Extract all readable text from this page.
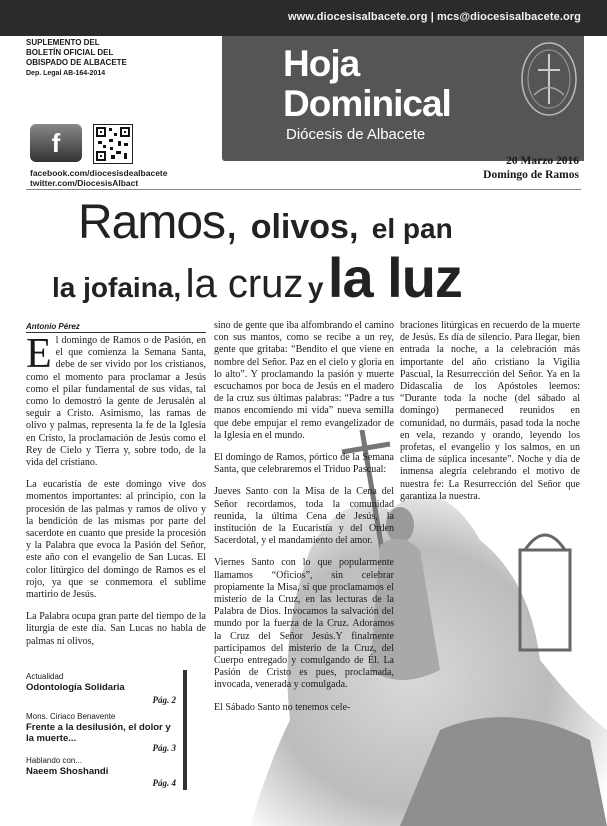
www.diocesisalbacete.org | mcs@diocesisalbacete.org
SUPLEMENTO DEL
BOLETÍN OFICIAL DEL
OBISPADO DE ALBACETE
Dep. Legal AB-164-2014	Hoja
Dominical
Diócesis de Albacete
f
facebook.com/diocesisdealbacete
twitter.com/DiocesisAlbact
20 Marzo 2016
Domingo de Ramos
Ramos, olivos, el pan
la jofaina, la cruz y la luz
Antonio Pérez

El domingo de Ramos o de Pasión, en el que comienza la Semana Santa, debe de ser vivido por los cristianos, como el momento para proclamar a Jesús como el pilar fundamental de sus vidas, tal como lo demostró la gente de Jerusalén al seguir a Cristo. Asimismo, las ramas de olivo y palmas, representa la fe de la Iglesia en Cristo, la proclamación de Jesús como el Rey de Cielo y Tierra y, sobre todo, de la vida del cristiano.

La eucaristía de este domingo vive dos momentos importantes: al principio, con la procesión de las palmas y ramos de olivo y la bendición de las mismas por parte del sacerdote en cuanto que preside la procesión y la Palabra que evoca la Pasión del Señor, este año con el evangelio de San Lucas. El color litúrgico del domingo de Ramos es el rojo, ya que se conmemora el sublime martirio de Jesús.

La Palabra ocupa gran parte del tiempo de la liturgia de este día. San Lucas no habla de palmas ni olivos,

sino de gente que iba alfombrando el camino con sus mantos, como se recibe a un rey, gente que gritaba: “Bendito el que viene en nombre del Señor. Paz en el cielo y gloria en lo alto”. Y proclamando la pasión y muerte escuchamos por boca de Jesús en el madero de la cruz sus últimas palabras: “Padre a tus manos encomiendo mi vida” nueva semilla que debe empujar el remo evangelizador de la Iglesia en el mundo.

El domingo de Ramos, pórtico de la Semana Santa, que celebraremos el Triduo Pascual:

Jueves Santo con la Misa de la Cena del Señor recordamos, toda la comunidad reunida, la última Cena de Jesús, la institución de la Eucaristía y del Orden Sacerdotal, y el mandamiento del amor.

Viernes Santo con lo que popularmente llamamos “Oficios”, sin celebrar propiamente la Misa, sí que proclamamos el misterio de la Cruz, en las lecturas de la Palabra de Dios. Invocamos la salvación del mundo por la fuerza de la Cruz. Adoramos la Cruz del Señor Jesús.Y finalmente participamos del misterio de la Cruz, del Cuerpo entregado y comulgando de Él. La Pasión de Cristo es pues, proclamada, invocada, venerada y comulgada.

El Sábado Santo no tenemos cele-

braciones litúrgicas en recuerdo de la muerte de Jesús. Es día de silencio. Para llegar, bien entrada la noche, a la celebración más importante del año cristiano la Vigilia Pascual, la Resurrección del Señor. Ya en la Didascalia de los Apóstoles leemos: “Durante toda la noche (del sábado al domingo) permaneced reunidos en comunidad, no durmáis, pasad toda la noche en vela, rezando y orando, leyendo los profetas, el evangelio y los salmos, en un clima de súplica incesante”. Noche y día de inmensa alegría celebrando el motivo de nuestra fe: La Resurrección del Señor que garantiza la nuestra.

Actualidad
Odontología Solidaria
Pág. 2
Mons. Ciriaco Benavente
Frente a la desilusión, el dolor y la muerte...
Pág. 3
Hablando con...
Naeem Shoshandi
Pág. 4
